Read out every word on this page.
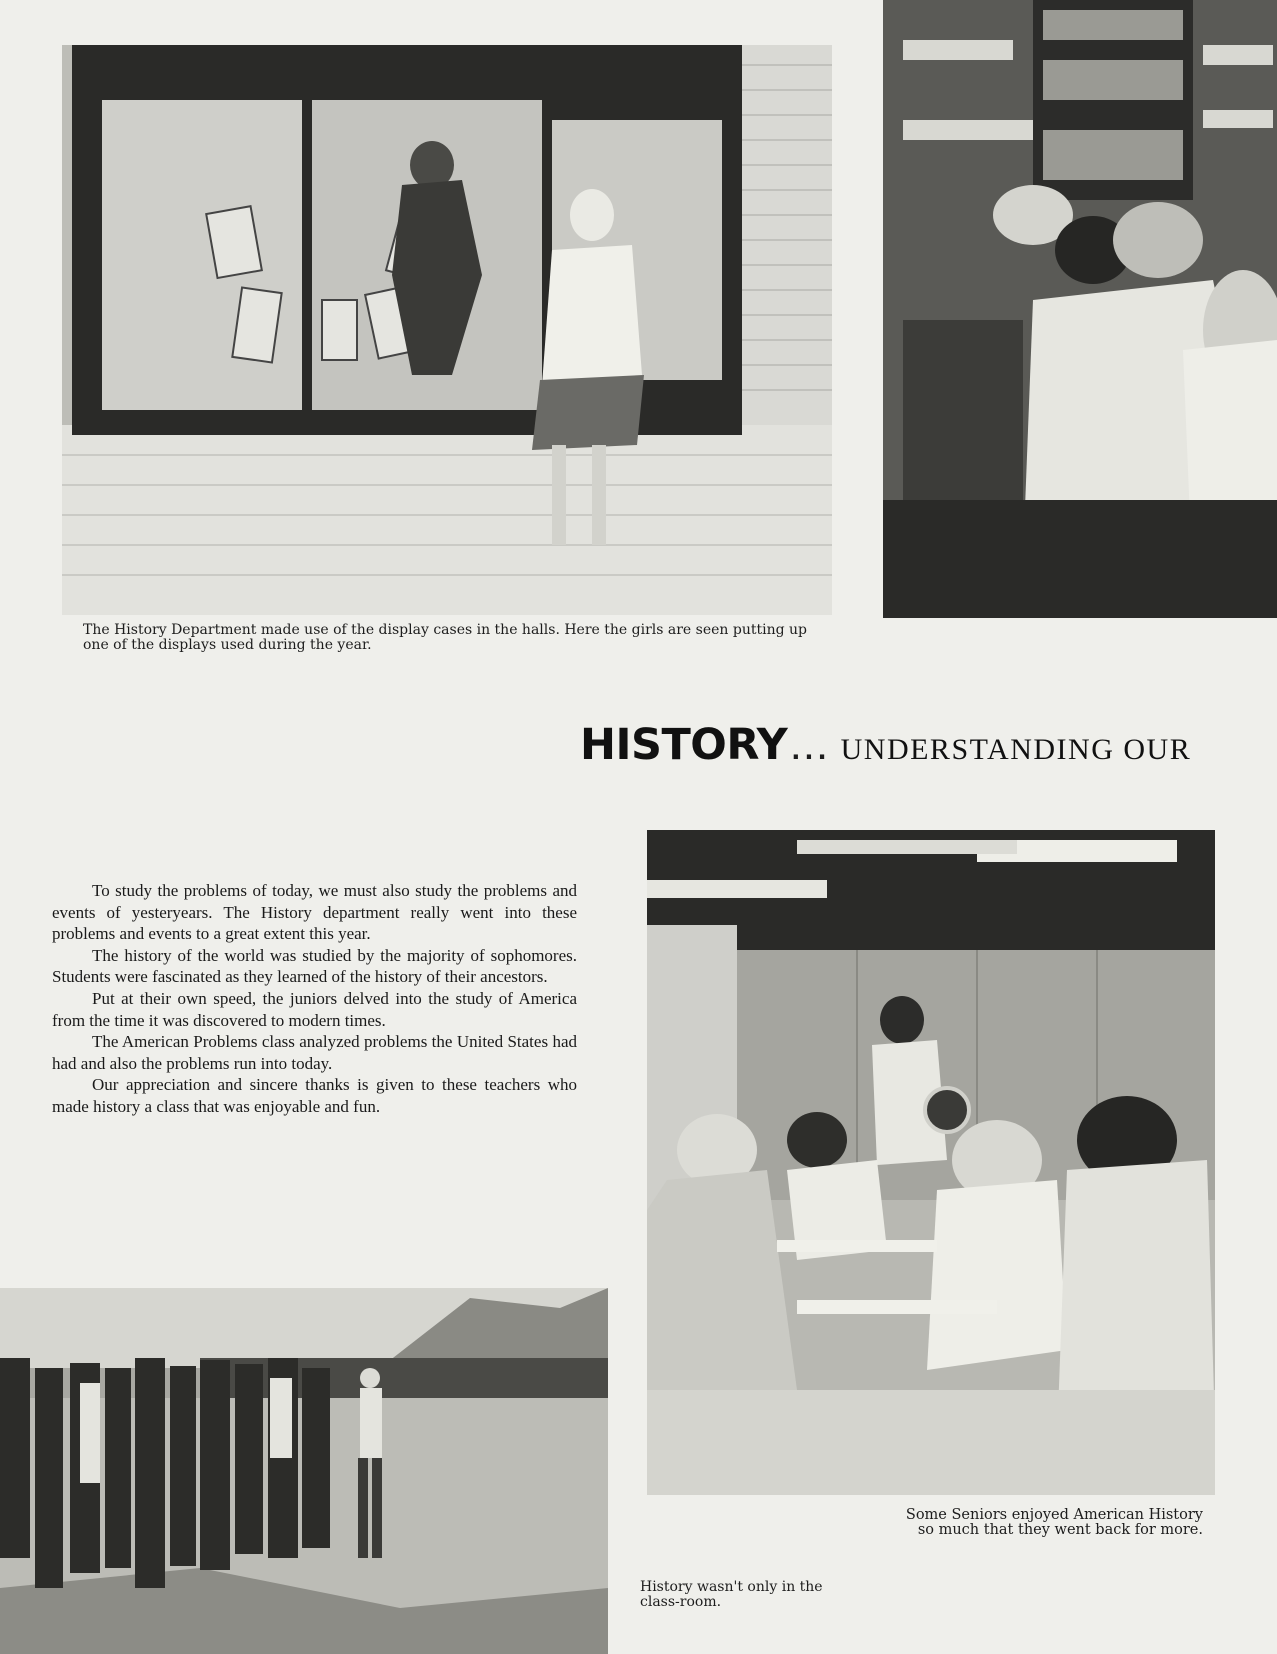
The History Department made use of the display cases in the halls. Here the girls are seen putting up one of the displays used during the year.
HISTORY ... UNDERSTANDING OUR

To study the problems of today, we must also study the problems and events of yesteryears. The History department really went into these problems and events to a great extent this year.

The history of the world was studied by the majority of sophomores. Students were fascinated as they learned of the history of their ancestors.

Put at their own speed, the juniors delved into the study of America from the time it was discovered to modern times.

The American Problems class analyzed problems the United States had had and also the problems run into today.

Our appreciation and sincere thanks is given to these teachers who made history a class that was enjoyable and fun.

Some Seniors enjoyed American History so much that they went back for more.
History wasn't only in the class-room.
